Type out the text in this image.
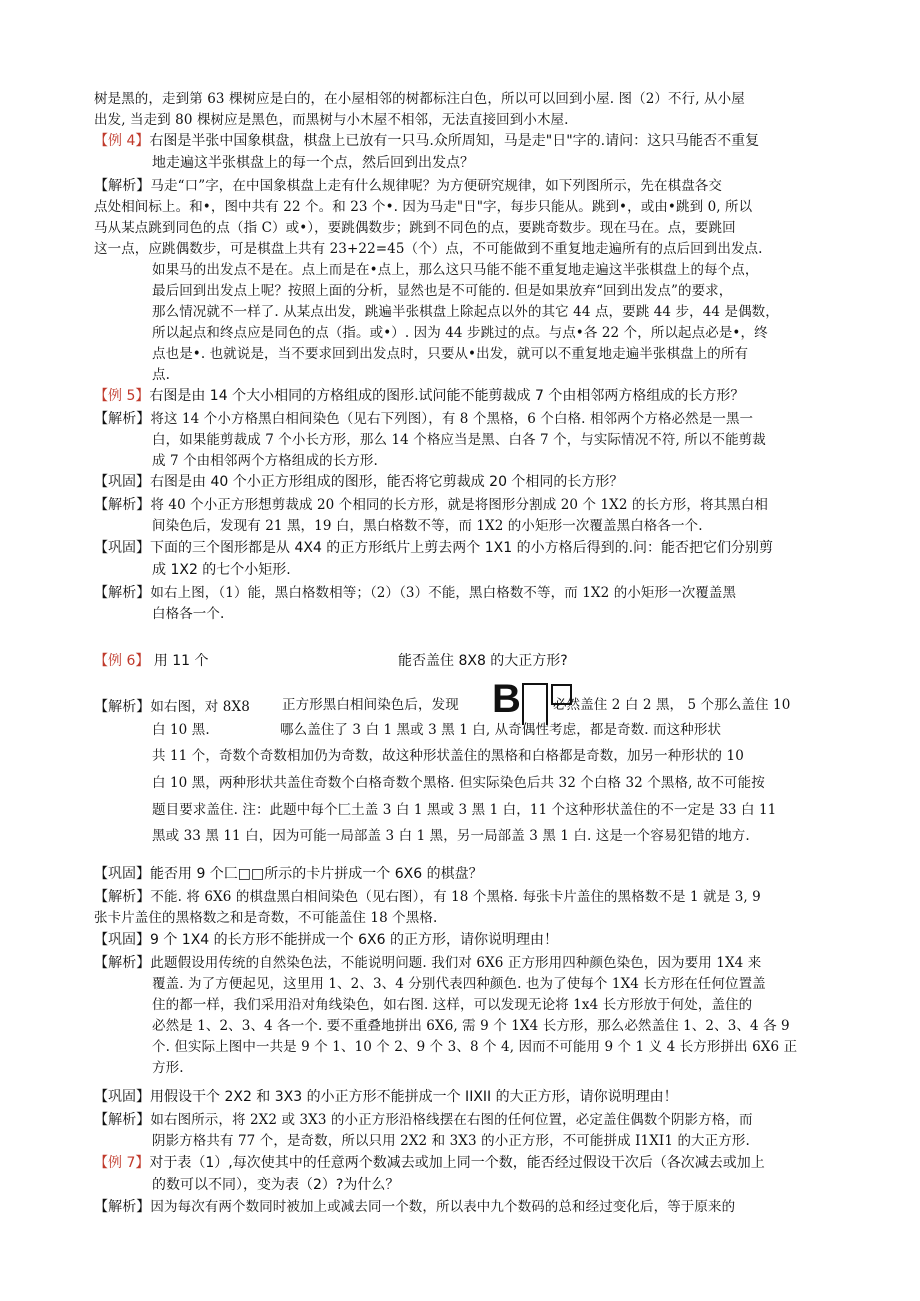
树是黑的，走到第 63 棵树应是白的，在小屋相邻的树都标注白色，所以可以回到小屋. 图（2）不行, 从小屋
出发, 当走到 80 棵树应是黑色，而黑树与小木屋不相邻，无法直接回到小木屋.
【例 4】右图是半张中国象棋盘，棋盘上已放有一只马.众所周知，马是走"日"字的.请问：这只马能否不重复
地走遍这半张棋盘上的每一个点，然后回到出发点？
【解析】马走“口”字，在中国象棋盘上走有什么规律呢？为方便研究规律，如下列图所示，先在棋盘各交
点处相间标上。和•，图中共有 22 个。和 23 个•. 因为马走"日"字，每步只能从。跳到•，或由•跳到 0, 所以
马从某点跳到同色的点（指 C）或•），要跳偶数步；跳到不同色的点，要跳奇数步。现在马在。点，要跳回
这一点，应跳偶数步，可是棋盘上共有 23+22=45（个）点，不可能做到不重复地走遍所有的点后回到出发点.
如果马的出发点不是在。点上而是在•点上，那么这只马能不能不重复地走遍这半张棋盘上的每个点，
最后回到出发点上呢？按照上面的分析，显然也是不可能的. 但是如果放弃“回到出发点”的要求，
那么情况就不一样了. 从某点出发，跳遍半张棋盘上除起点以外的其它 44 点，要跳 44 步，44 是偶数，
所以起点和终点应是同色的点（指。或•）. 因为 44 步跳过的点。与点•各 22 个，所以起点必是•，终
点也是•. 也就说是，当不要求回到出发点时，只要从•出发，就可以不重复地走遍半张棋盘上的所有
点.
【例 5】右图是由 14 个大小相同的方格组成的图形.试问能不能剪裁成 7 个由相邻两方格组成的长方形？
【解析】将这 14 个小方格黑白相间染色（见右下列图），有 8 个黑格，6 个白格. 相邻两个方格必然是一黑一
白，如果能剪裁成 7 个小长方形，那么 14 个格应当是黑、白各 7 个，与实际情况不符, 所以不能剪裁
成 7 个由相邻两个方格组成的长方形.
【巩固】右图是由 40 个小正方形组成的图形，能否将它剪裁成 20 个相同的长方形？
【解析】将 40 个小正方形想剪裁成 20 个相同的长方形，就是将图形分割成 20 个 1X2 的长方形，将其黑白相
间染色后，发现有 21 黑，19 白，黑白格数不等，而 1X2 的小矩形一次覆盖黑白格各一个.
【巩固】下面的三个图形都是从 4X4 的正方形纸片上剪去两个 1X1 的小方格后得到的.问：能否把它们分别剪
成 1X2 的七个小矩形.
【解析】如右上图，（1）能，黑白格数相等；（2）（3）不能，黑白格数不等，而 1X2 的小矩形一次覆盖黑
白格各一个.
【例 6】 用 11 个	能否盖住 8X8 的大正方形?
【解析】如右图，对 8X8 正方形黑白相间染色后，发现	必然盖住 2 白 2 黑， 5 个那么盖住 10
白 10 黑.	哪么盖住了 3 白 1 黑或 3 黑 1 白, 从奇偶性考虑，都是奇数. 而这种形状
共 11 个，奇数个奇数相加仍为奇数，故这种形状盖住的黑格和白格都是奇数，加另一种形状的 10
白 10 黑，两种形状共盖住奇数个白格奇数个黑格. 但实际染色后共 32 个白格 32 个黑格, 故不可能按
题目要求盖住. 注：此题中每个匚土盖 3 白 1 黑或 3 黑 1 白，11 个这种形状盖住的不一定是 33 白 11
黑或 33 黑 11 白，因为可能一局部盖 3 白 1 黑，另一局部盖 3 黑 1 白. 这是一个容易犯错的地方.
【巩固】能否用 9 个匚□□所示的卡片拼成一个 6X6 的棋盘？
【解析】不能. 将 6X6 的棋盘黑白相间染色（见右图），有 18 个黑格. 每张卡片盖住的黑格数不是 1 就是 3, 9
张卡片盖住的黑格数之和是奇数，不可能盖住 18 个黑格.
【巩固】9 个 1X4 的长方形不能拼成一个 6X6 的正方形，请你说明理由！
【解析】此题假设用传统的自然染色法，不能说明问题. 我们对 6X6 正方形用四种颜色染色，因为要用 1X4 来
覆盖. 为了方便起见，这里用 1、2、3、4 分别代表四种颜色. 也为了使每个 1X4 长方形在任何位置盖
住的都一样，我们采用沿对角线染色，如右图. 这样，可以发现无论将 1x4 长方形放于何处，盖住的
必然是 1、2、3、4 各一个. 要不重叠地拼出 6X6, 需 9 个 1X4 长方形，那么必然盖住 1、2、3、4 各 9
个. 但实际上图中一共是 9 个 1、10 个 2、9 个 3、8 个 4, 因而不可能用 9 个 1 义 4 长方形拼出 6X6 正
方形.
【巩固】用假设干个 2X2 和 3X3 的小正方形不能拼成一个 IIXII 的大正方形，请你说明理由！
【解析】如右图所示，将 2X2 或 3X3 的小正方形沿格线摆在右图的任何位置，必定盖住偶数个阴影方格，而
阴影方格共有 77 个，是奇数，所以只用 2X2 和 3X3 的小正方形，不可能拼成 I1XI1 的大正方形.
【例 7】对于表（1）,每次使其中的任意两个数减去或加上同一个数，能否经过假设干次后（各次减去或加上
的数可以不同），变为表（2）?为什么？
【解析】因为每次有两个数同时被加上或减去同一个数，所以表中九个数码的总和经过变化后，等于原来的
B
